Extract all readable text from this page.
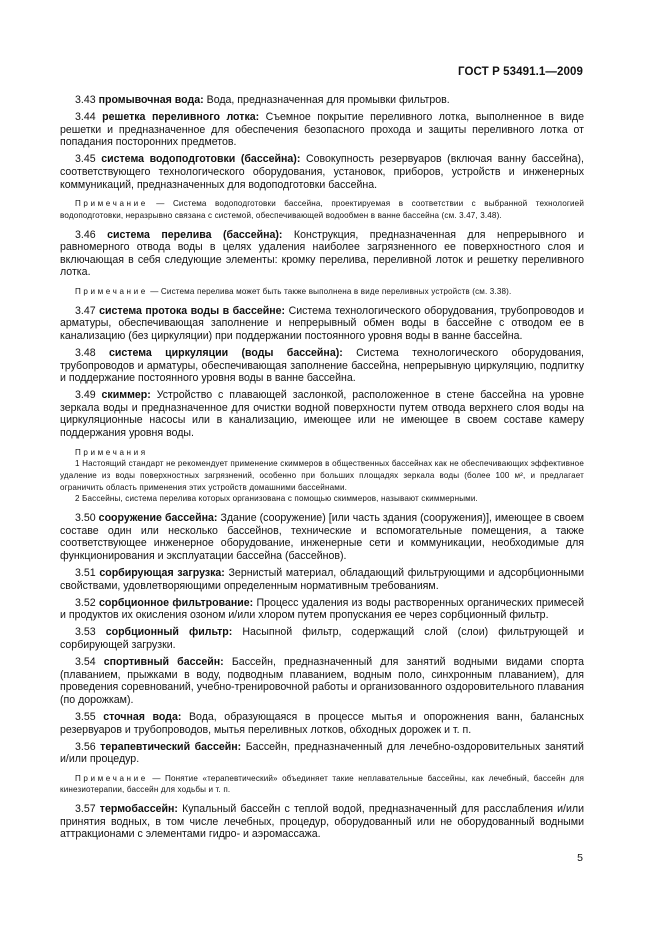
ГОСТ Р 53491.1—2009

3.43 промывочная вода: Вода, предназначенная для промывки фильтров.

3.44 решетка переливного лотка: Съемное покрытие переливного лотка, выполненное в виде решетки и предназначенное для обеспечения безопасного прохода и защиты переливного лотка от попадания посторонних предметов.

3.45 система водоподготовки (бассейна): Совокупность резервуаров (включая ванну бассейна), соответствующего технологического оборудования, установок, приборов, устройств и инженерных коммуникаций, предназначенных для водоподготовки бассейна.

Примечание — Система водоподготовки бассейна, проектируемая в соответствии с выбранной технологией водоподготовки, неразрывно связана с системой, обеспечивающей водообмен в ванне бассейна (см. 3.47, 3.48).

3.46 система перелива (бассейна): Конструкция, предназначенная для непрерывного и равномерного отвода воды в целях удаления наиболее загрязненного ее поверхностного слоя и включающая в себя следующие элементы: кромку перелива, переливной лоток и решетку переливного лотка.

Примечание — Система перелива может быть также выполнена в виде переливных устройств (см. 3.38).

3.47 система протока воды в бассейне: Система технологического оборудования, трубопроводов и арматуры, обеспечивающая заполнение и непрерывный обмен воды в бассейне с отводом ее в канализацию (без циркуляции) при поддержании постоянного уровня воды в ванне бассейна.

3.48 система циркуляции (воды бассейна): Система технологического оборудования, трубопроводов и арматуры, обеспечивающая заполнение бассейна, непрерывную циркуляцию, подпитку и поддержание постоянного уровня воды в ванне бассейна.

3.49 скиммер: Устройство с плавающей заслонкой, расположенное в стене бассейна на уровне зеркала воды и предназначенное для очистки водной поверхности путем отвода верхнего слоя воды на циркуляционные насосы или в канализацию, имеющее или не имеющее в своем составе камеру поддержания уровня воды.

Примечания

1 Настоящий стандарт не рекомендует применение скиммеров в общественных бассейнах как не обеспечивающих эффективное удаление из воды поверхностных загрязнений, особенно при больших площадях зеркала воды (более 100 м², и предлагает ограничить область применения этих устройств домашними бассейнами.

2 Бассейны, система перелива которых организована с помощью скиммеров, называют скиммерными.

3.50 сооружение бассейна: Здание (сооружение) [или часть здания (сооружения)], имеющее в своем составе один или несколько бассейнов, технические и вспомогательные помещения, а также соответствующее инженерное оборудование, инженерные сети и коммуникации, необходимые для функционирования и эксплуатации бассейна (бассейнов).

3.51 сорбирующая загрузка: Зернистый материал, обладающий фильтрующими и адсорбционными свойствами, удовлетворяющими определенным нормативным требованиям.

3.52 сорбционное фильтрование: Процесс удаления из воды растворенных органических примесей и продуктов их окисления озоном и/или хлором путем пропускания ее через сорбционный фильтр.

3.53 сорбционный фильтр: Насыпной фильтр, содержащий слой (слои) фильтрующей и сорбирующей загрузки.

3.54 спортивный бассейн: Бассейн, предназначенный для занятий водными видами спорта (плаванием, прыжками в воду, подводным плаванием, водным поло, синхронным плаванием), для проведения соревнований, учебно-тренировочной работы и организованного оздоровительного плавания (по дорожкам).

3.55 сточная вода: Вода, образующаяся в процессе мытья и опорожнения ванн, балансных резервуаров и трубопроводов, мытья переливных лотков, обходных дорожек и т. п.

3.56 терапевтический бассейн: Бассейн, предназначенный для лечебно-оздоровительных занятий и/или процедур.

Примечание — Понятие «терапевтический» объединяет такие неплавательные бассейны, как лечебный, бассейн для кинезиотерапии, бассейн для ходьбы и т. п.

3.57 термобассейн: Купальный бассейн с теплой водой, предназначенный для расслабления и/или принятия водных, в том числе лечебных, процедур, оборудованный или не оборудованный водными аттракционами с элементами гидро- и аэромассажа.

5
